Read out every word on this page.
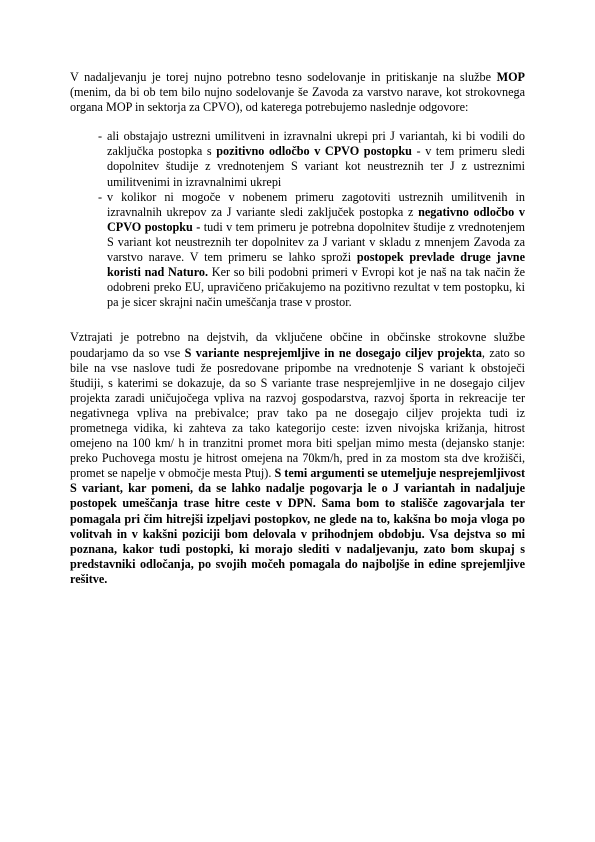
V nadaljevanju je torej nujno potrebno tesno sodelovanje in pritiskanje na službe MOP (menim, da bi ob tem bilo nujno sodelovanje še Zavoda za varstvo narave, kot strokovnega organa MOP in sektorja za CPVO), od katerega potrebujemo naslednje odgovore:

- ali obstajajo ustrezni umilitveni in izravnalni ukrepi pri J variantah, ki bi vodili do zaključka postopka s pozitivno odločbo v CPVO postopku - v tem primeru sledi dopolnitev študije z vrednotenjem S variant kot neustreznih ter J z ustreznimi umilitvenimi in izravnalnimi ukrepi
- v kolikor ni mogoče v nobenem primeru zagotoviti ustreznih umilitvenih in izravnalnih ukrepov za J variante sledi zaključek postopka z negativno odločbo v CPVO postopku - tudi v tem primeru je potrebna dopolnitev študije z vrednotenjem S variant kot neustreznih ter dopolnitev za J variant v skladu z mnenjem Zavoda za varstvo narave. V tem primeru se lahko sproži postopek prevlade druge javne koristi nad Naturo. Ker so bili podobni primeri v Evropi kot je naš na tak način že odobreni preko EU, upravičeno pričakujemo na pozitivno rezultat v tem postopku, ki pa je sicer skrajni način umeščanja trase v prostor.

Vztrajati je potrebno na dejstvih, da vključene občine in občinske strokovne službe poudarjamo da so vse S variante nesprejemljive in ne dosegajo ciljev projekta, zato so bile na vse naslove tudi že posredovane pripombe na vrednotenje S variant k obstoječi študiji, s katerimi se dokazuje, da so S variante trase nesprejemljive in ne dosegajo ciljev projekta zaradi uničujočega vpliva na razvoj gospodarstva, razvoj športa in rekreacije ter negativnega vpliva na prebivalce; prav tako pa ne dosegajo ciljev projekta tudi iz prometnega vidika, ki zahteva za tako kategorijo ceste: izven nivojska križanja, hitrost omejeno na 100 km/ h in tranzitni promet mora biti speljan mimo mesta (dejansko stanje: preko Puchovega mostu je hitrost omejena na 70km/h, pred in za mostom sta dve krožišči, promet se napelje v območje mesta Ptuj). S temi argumenti se utemeljuje nesprejemljivost S variant, kar pomeni, da se lahko nadalje pogovarja le o J variantah in nadaljuje postopek umeščanja trase hitre ceste v DPN. Sama bom to stališče zagovarjala ter pomagala pri čim hitrejši izpeljavi postopkov, ne glede na to, kakšna bo moja vloga po volitvah in v kakšni poziciji bom delovala v prihodnjem obdobju. Vsa dejstva so mi poznana, kakor tudi postopki, ki morajo slediti v nadaljevanju, zato bom skupaj s predstavniki odločanja, po svojih močeh pomagala do najboljše in edine sprejemljive rešitve.
